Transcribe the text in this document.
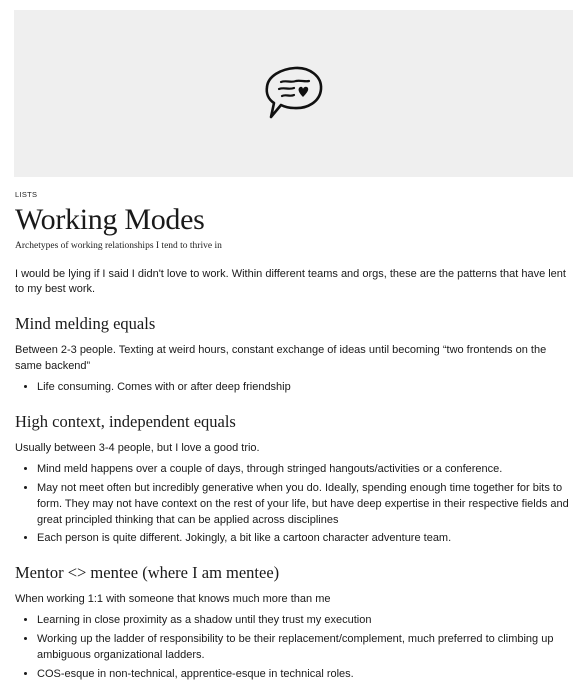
LISTS
Working Modes
Archetypes of working relationships I tend to thrive in

I would be lying if I said I didn't love to work. Within different teams and orgs, these are the patterns that have lent to my best work.

Mind melding equals

Between 2-3 people. Texting at weird hours, constant exchange of ideas until becoming “two frontends on the same backend”

• Life consuming. Comes with or after deep friendship
High context, independent equals

Usually between 3-4 people, but I love a good trio.

• Mind meld happens over a couple of days, through stringed hangouts/activities or a conference.
• May not meet often but incredibly generative when you do. Ideally, spending enough time together for bits to form. They may not have context on the rest of your life, but have deep expertise in their respective fields and great principled thinking that can be applied across disciplines
• Each person is quite different. Jokingly, a bit like a cartoon character adventure team.
Mentor <> mentee (where I am mentee)

When working 1:1 with someone that knows much more than me

• Learning in close proximity as a shadow until they trust my execution
• Working up the ladder of responsibility to be their replacement/complement, much preferred to climbing up ambiguous organizational ladders.
• COS-esque in non-technical, apprentice-esque in technical roles.
